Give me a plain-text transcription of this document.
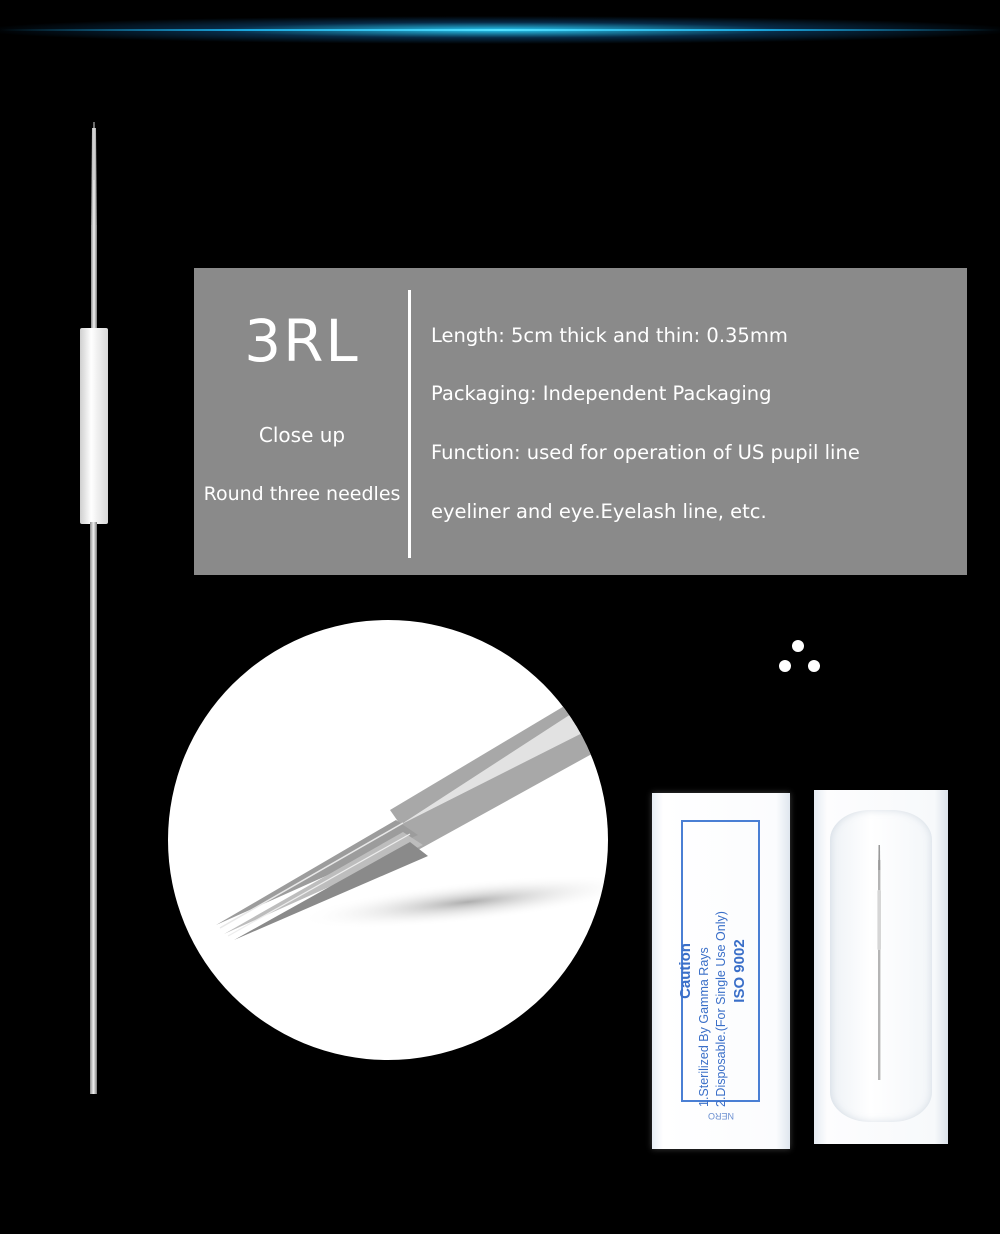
3RL
Close up
Round three needles
Length: 5cm thick and thin: 0.35mm
Packaging: Independent Packaging
Function: used for operation of US pupil line
eyeliner and eye.Eyelash line, etc.
Caution 1.Sterilized By Gamma Rays 2.Disposable.(For Single Use Only) ISO 9002
NERO
